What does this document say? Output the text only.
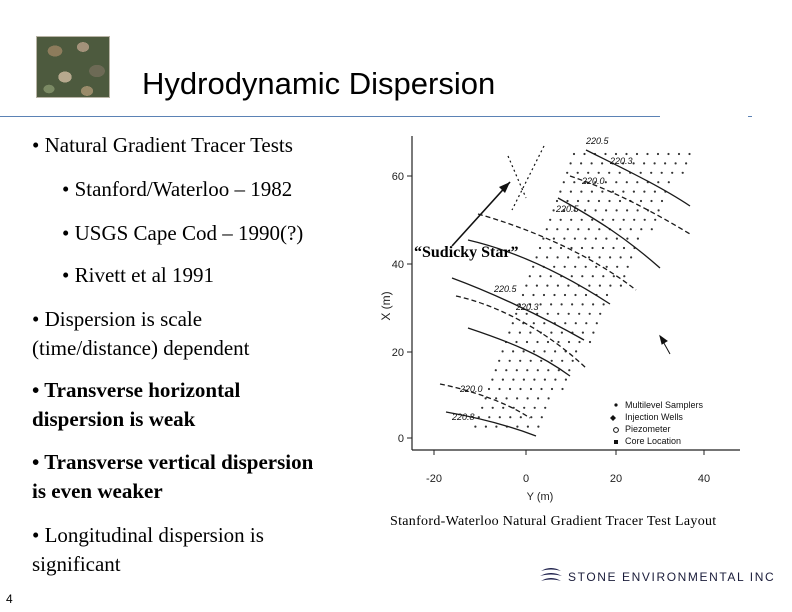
Hydrodynamic Dispersion
• Natural Gradient Tracer Tests
• Stanford/Waterloo – 1982
• USGS Cape Cod – 1990(?)
• Rivett et al 1991
• Dispersion is scale
(time/distance) dependent
• Transverse horizontal
dispersion is weak
• Transverse vertical dispersion
is even weaker
• Longitudinal dispersion is
significant
60
40
20
0
X (m)
-20	0	20	40
Y (m)
220.5
220.3
220.0
220.5
220.3
220.0
220.8
220.5
Multilevel Samplers
Injection Wells
Piezometer
Core Location
“Sudicky Star”
Stanford-Waterloo Natural Gradient Tracer Test Layout
STONE ENVIRONMENTAL INC
4
